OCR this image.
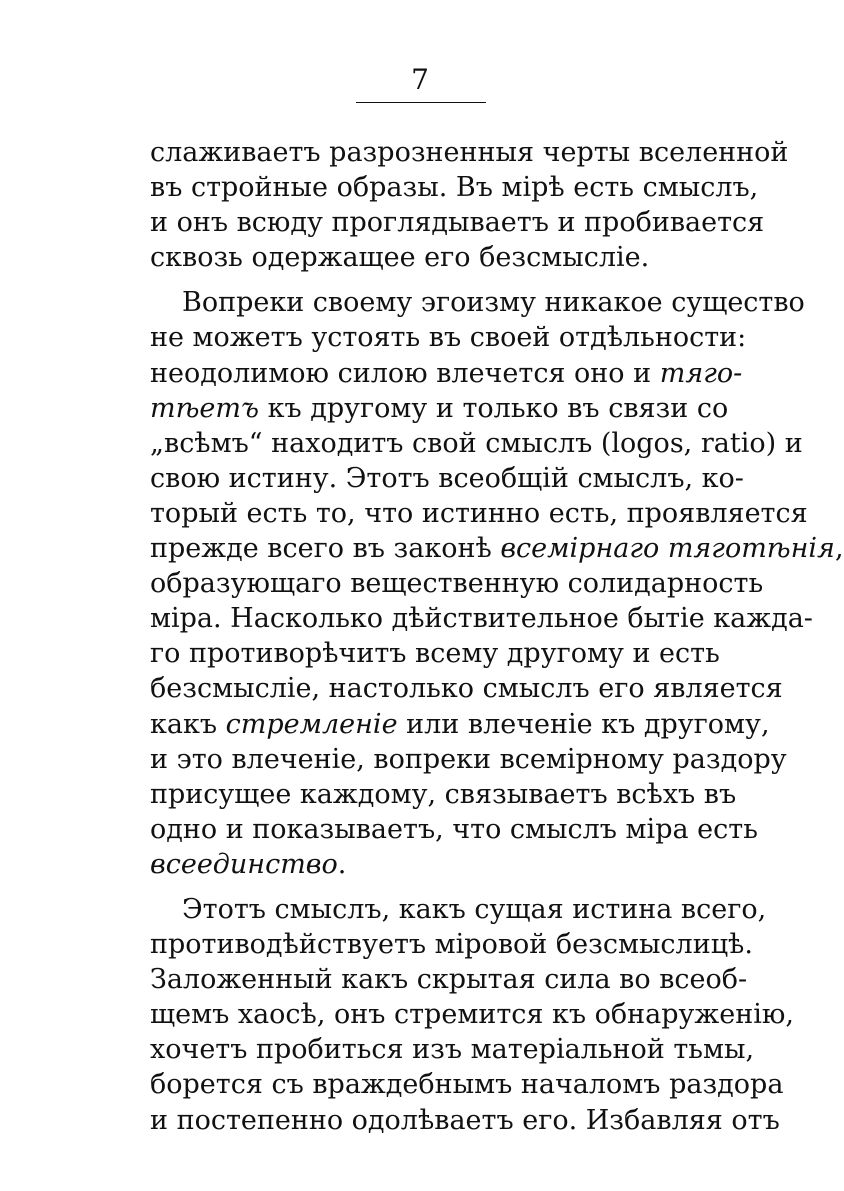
7
слаживаетъ разрозненныя черты вселенной
въ стройные образы. Въ мірѣ есть смыслъ,
и онъ всюду проглядываетъ и пробивается
сквозь одержащее его безсмысліе.
Вопреки своему эгоизму никакое существо
не можетъ устоять въ своей отдѣльности:
неодолимою силою влечется оно и тяго-
тѣетъ къ другому и только въ связи со
„всѣмъ“ находитъ свой смыслъ (logos, ratio) и
свою истину. Этотъ всеобщій смыслъ, ко-
торый есть то, что истинно есть, проявляется
прежде всего въ законѣ всемірнаго тяготѣнія,
образующаго вещественную солидарность
міра. Насколько дѣйствительное бытіе кажда-
го противорѣчитъ всему другому и есть
безсмысліе, настолько смыслъ его является
какъ стремленіе или влеченіе къ другому,
и это влеченіе, вопреки всемірному раздору
присущее каждому, связываетъ всѣхъ въ
одно и показываетъ, что смыслъ міра есть
всеединство.
Этотъ смыслъ, какъ сущая истина всего,
противодѣйствуетъ міровой безсмыслицѣ.
Заложенный какъ скрытая сила во всеоб-
щемъ хаосѣ, онъ стремится къ обнаруженію,
хочетъ пробиться изъ матеріальной тьмы,
борется съ враждебнымъ началомъ раздора
и постепенно одолѣваетъ его. Избавляя отъ
